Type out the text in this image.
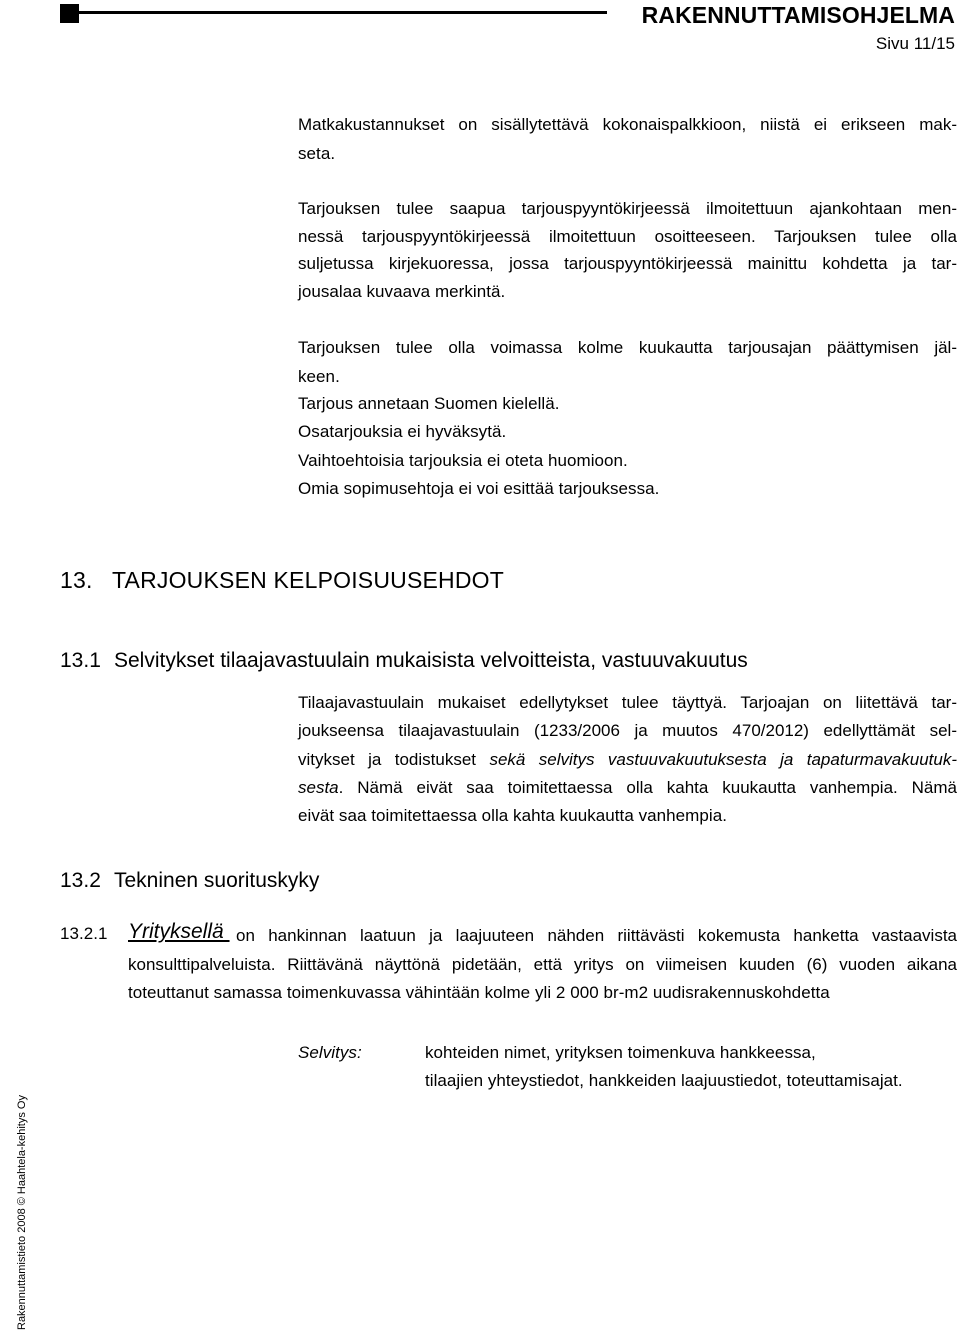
RAKENNUTTAMISOHJELMA
Sivu 11/15
Matkakustannukset on sisällytettävä kokonaispalkkioon, niistä ei erikseen mak-
seta.
Tarjouksen tulee saapua tarjouspyyntökirjeessä ilmoitettuun ajankohtaan men-
nessä tarjouspyyntökirjeessä ilmoitettuun osoitteeseen. Tarjouksen tulee olla
suljetussa kirjekuoressa, jossa tarjouspyyntökirjeessä mainittu kohdetta ja tar-
jousalaa kuvaava merkintä.
Tarjouksen tulee olla voimassa kolme kuukautta tarjousajan päättymisen jäl-
keen.
Tarjous annetaan Suomen kielellä.
Osatarjouksia ei hyväksytä.
Vaihtoehtoisia tarjouksia ei oteta huomioon.
Omia sopimusehtoja ei voi esittää tarjouksessa.
13. TARJOUKSEN KELPOISUUSEHDOT
13.1 Selvitykset tilaajavastuulain mukaisista velvoitteista, vastuuvakuutus
Tilaajavastuulain mukaiset edellytykset tulee täyttyä. Tarjoajan on liitettävä tar-
joukseensa tilaajavastuulain (1233/2006 ja muutos 470/2012) edellyttämät sel-
vitykset ja todistukset sekä selvitys vastuuvakuutuksesta ja tapaturmavakuutuk-
sesta. Nämä eivät saa toimitettaessa olla kahta kuukautta vanhempia. Nämä
eivät saa toimitettaessa olla kahta kuukautta vanhempia.
13.2 Tekninen suorituskyky
13.2.1 Yrityksellä on hankinnan laatuun ja laajuuteen nähden riittävästi kokemusta hanketta vastaavista
konsulttipalveluista. Riittävänä näyttönä pidetään, että yritys on viimeisen kuuden (6) vuoden aikana
toteuttanut samassa toimenkuvassa vähintään kolme yli 2 000 br-m2 uudisrakennuskohdetta
Selvitys:	kohteiden nimet, yrityksen toimenkuva hankkeessa,
tilaajien yhteystiedot, hankkeiden laajuustiedot, toteuttamisajat.
Rakennuttamistieto 2008 © Haahtela-kehitys Oy
